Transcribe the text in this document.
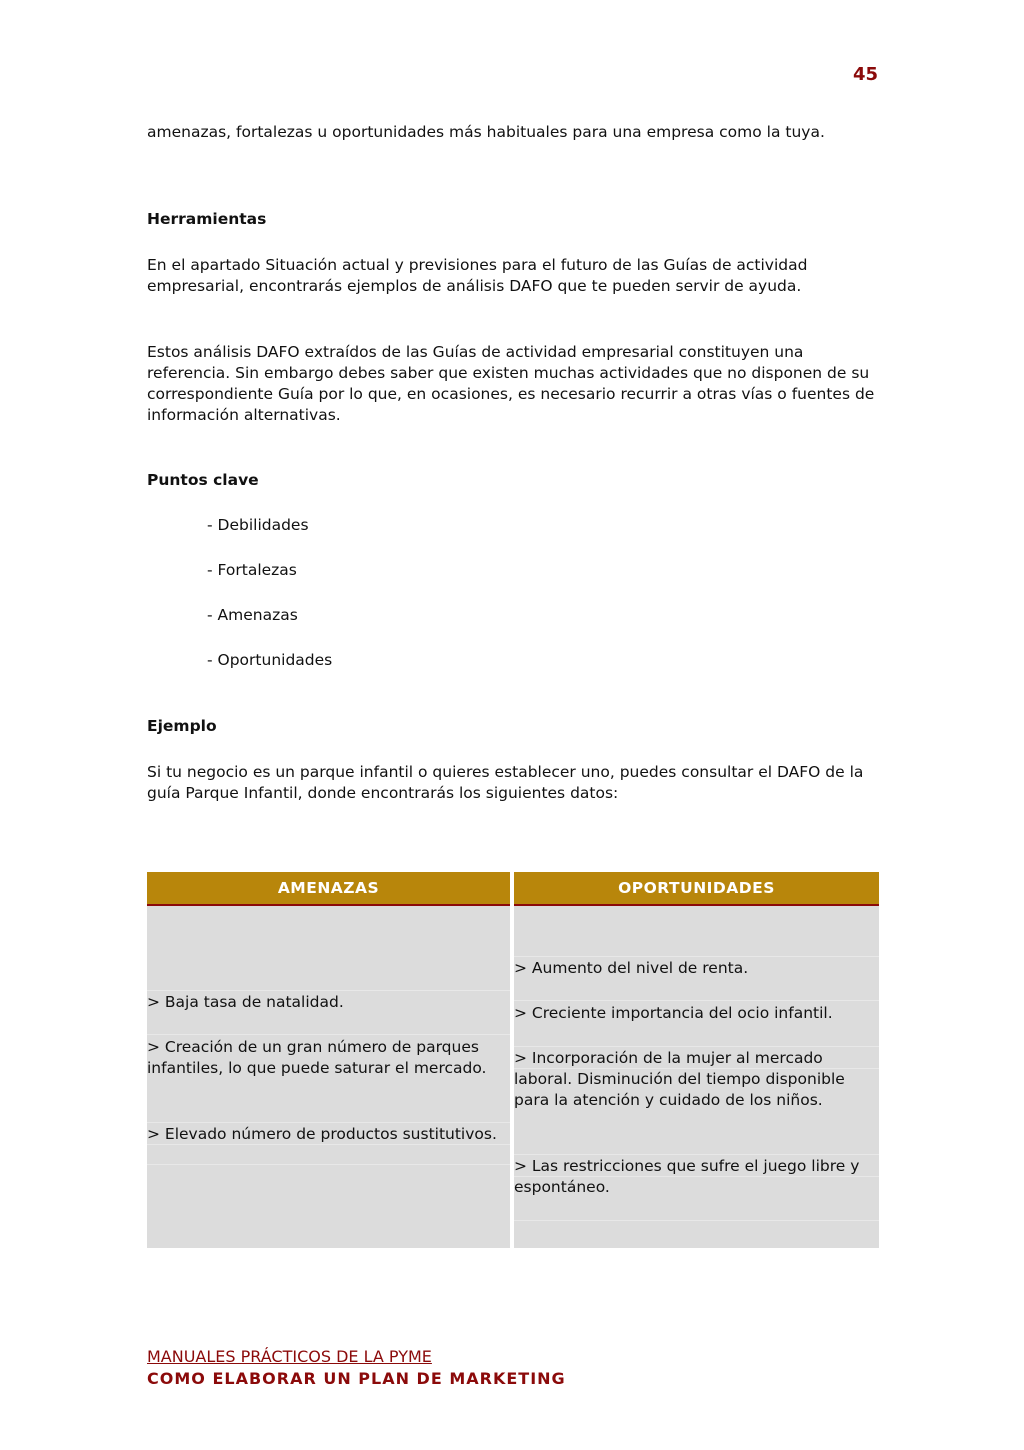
45

amenazas, fortalezas u oportunidades más habituales para una empresa como la tuya.

Herramientas

En el apartado Situación actual y previsiones para el futuro de las Guías de actividad empresarial, encontrarás ejemplos de análisis DAFO que te pueden servir de ayuda.

Estos análisis DAFO extraídos de las Guías de actividad empresarial constituyen una referencia. Sin embargo debes saber que existen muchas actividades que no disponen de su correspondiente Guía por lo que, en ocasiones, es necesario recurrir a otras vías o fuentes de información alternativas.

Puntos clave
- Debilidades
- Fortalezas
- Amenazas
- Oportunidades
Ejemplo

Si tu negocio es un parque infantil o quieres establecer uno, puedes consultar el DAFO de la guía Parque Infantil, donde encontrarás los siguientes datos:

AMENAZAS
> Baja tasa de natalidad.
> Creación de un gran número de parques infantiles, lo que puede saturar el mercado.
> Elevado número de productos sustitutivos.
OPORTUNIDADES
> Aumento del nivel de renta.
> Creciente importancia del ocio infantil.
> Incorporación de la mujer al mercado laboral. Disminución del tiempo disponible para la atención y cuidado de los niños.
> Las restricciones que sufre el juego libre y espontáneo.
MANUALES PRÁCTICOS DE LA PYME
COMO ELABORAR UN PLAN DE MARKETING
